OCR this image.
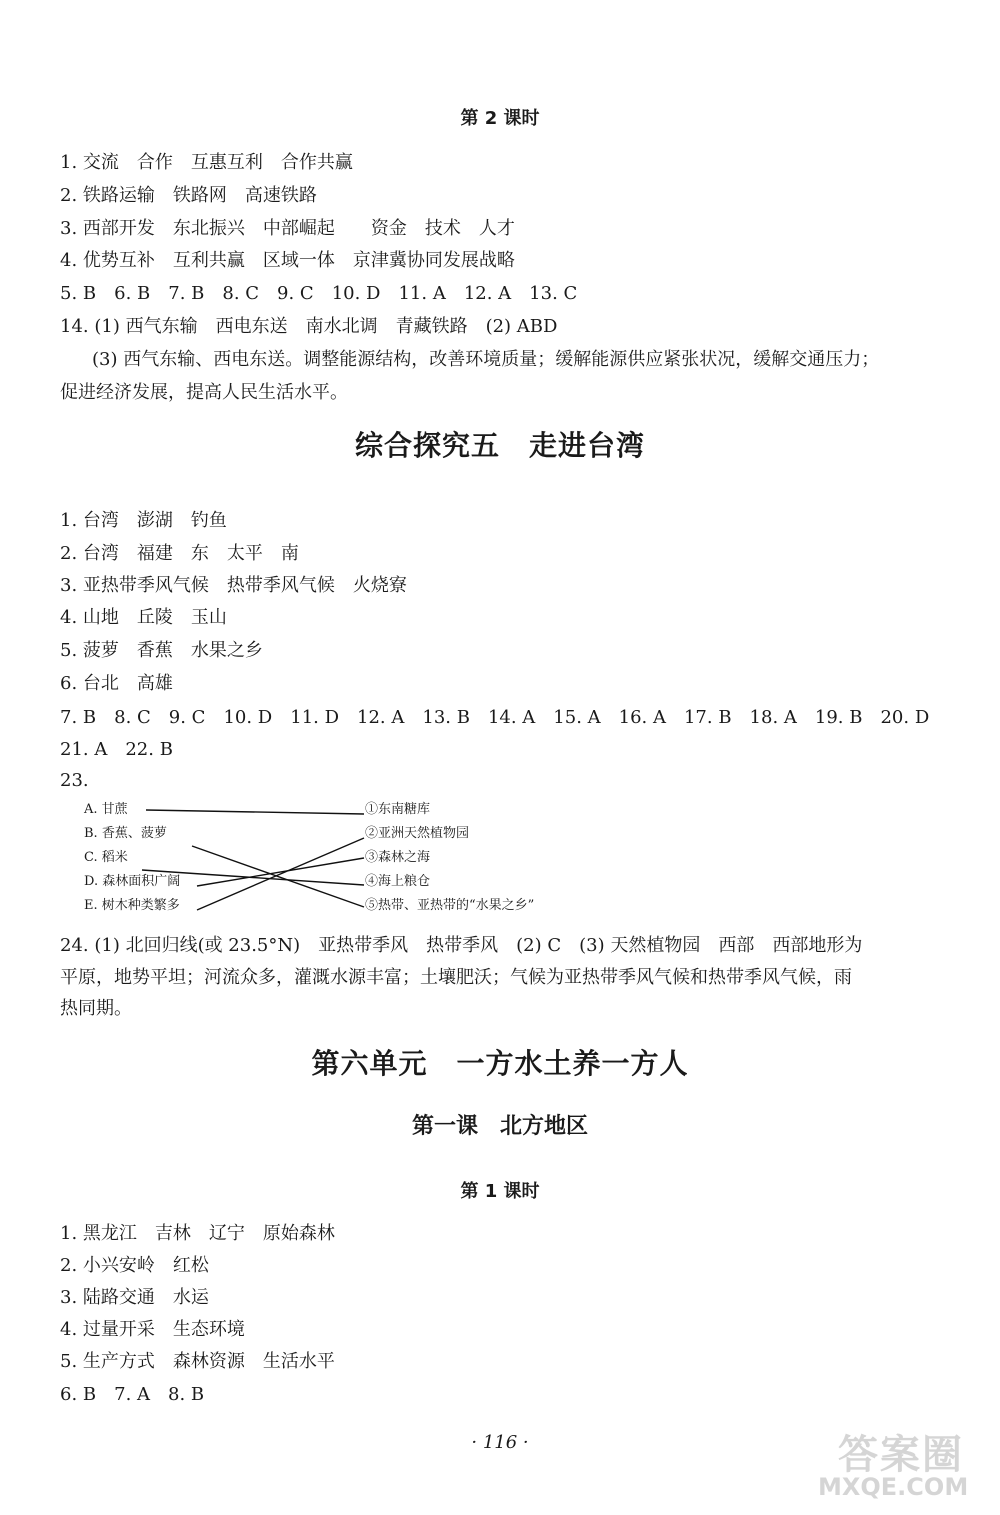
第 2 课时
1. 交流　合作　互惠互利　合作共赢
2. 铁路运输　铁路网　高速铁路
3. 西部开发　东北振兴　中部崛起　　资金　技术　人才
4. 优势互补　互利共赢　区域一体　京津冀协同发展战略
5. B　6. B　7. B　8. C　9. C　10. D　11. A　12. A　13. C
14. (1) 西气东输　西电东送　南水北调　青藏铁路　(2) ABD
(3) 西气东输、西电东送。调整能源结构，改善环境质量；缓解能源供应紧张状况，缓解交通压力；
促进经济发展，提高人民生活水平。
综合探究五　走进台湾
1. 台湾　澎湖　钓鱼
2. 台湾　福建　东　太平　南
3. 亚热带季风气候　热带季风气候　火烧寮
4. 山地　丘陵　玉山
5. 菠萝　香蕉　水果之乡
6. 台北　高雄
7. B　8. C　9. C　10. D　11. D　12. A　13. B　14. A　15. A　16. A　17. B　18. A　19. B　20. D
21. A　22. B
23.
A. 甘蔗
B. 香蕉、菠萝
C. 稻米
D. 森林面积广阔
E. 树木种类繁多
①东南糖库
②亚洲天然植物园
③森林之海
④海上粮仓
⑤热带、亚热带的“水果之乡”
24. (1) 北回归线(或 23.5°N)　亚热带季风　热带季风　(2) C　(3) 天然植物园　西部　西部地形为
平原，地势平坦；河流众多，灌溉水源丰富；土壤肥沃；气候为亚热带季风气候和热带季风气候，雨
热同期。
第六单元　一方水土养一方人
第一课　北方地区
第 1 课时
1. 黑龙江　吉林　辽宁　原始森林
2. 小兴安岭　红松
3. 陆路交通　水运
4. 过量开采　生态环境
5. 生产方式　森林资源　生活水平
6. B　7. A　8. B
· 116 ·	答案圈
MXQE.COM
